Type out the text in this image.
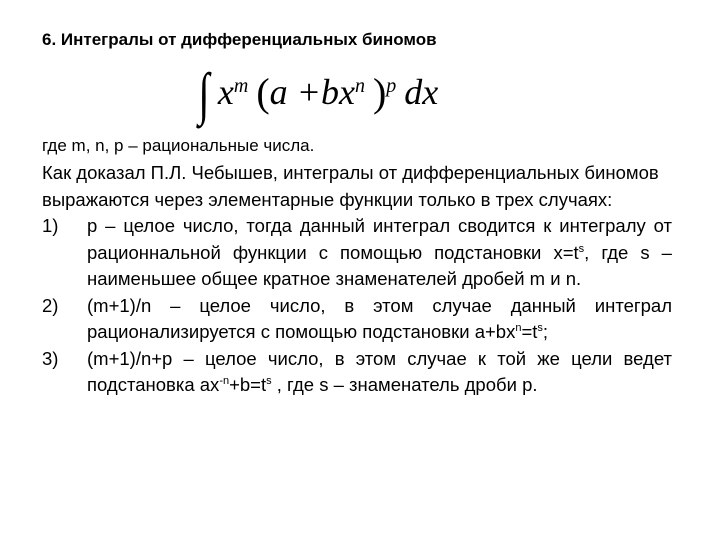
6. Интегралы от дифференциальных биномов
∫ $x^m$ ( $a + bx^n$ )$^p$ dx
где m, n, p – рациональные числа.

Как доказал П.Л. Чебышев, интегралы от дифференциальных биномов выражаются через элементарные функции только в трех случаях:

1) p – целое число, тогда данный интеграл сводится к интегралу от рационнальной функции с помощью подстановки $x=t^s$, где s – наименьшее общее кратное знаменателей дробей m и n.
2) (m+1)/n – целое число, в этом случае данный интеграл рационализируется с помощью подстановки $a+bx^n=t^s$;
3) (m+1)/n+p – целое число, в этом случае к той же цели ведет подстановка $ax^{-n}+b=t^s$ , где s – знаменатель дроби p.
